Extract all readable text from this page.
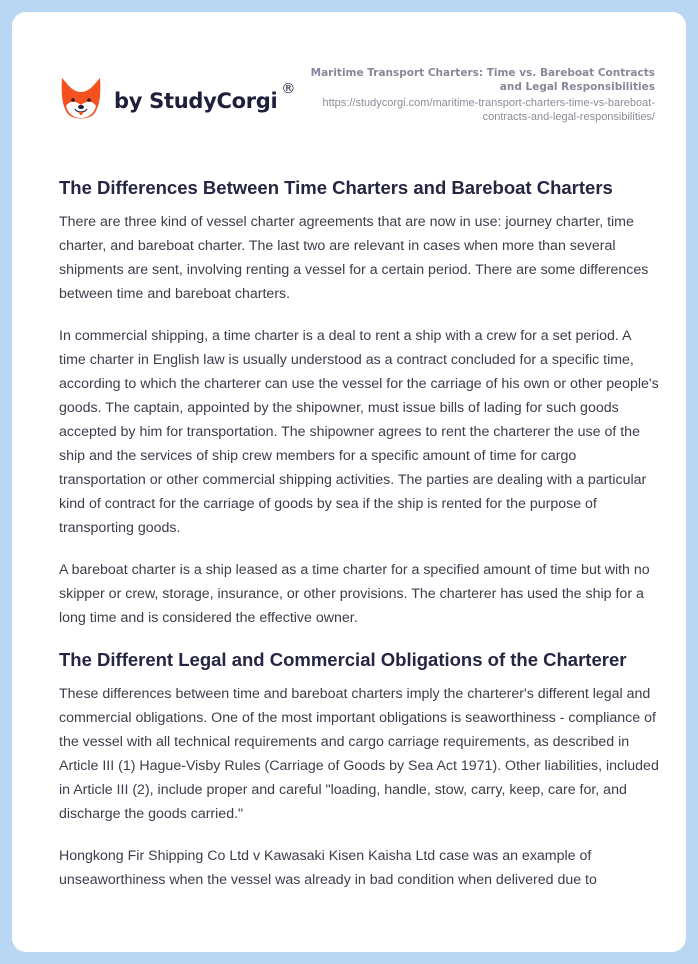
by StudyCorgi ®
Maritime Transport Charters: Time vs. Bareboat Contracts and Legal Responsibilities
https://studycorgi.com/maritime-transport-charters-time-vs-bareboat-contracts-and-legal-responsibilities/
The Differences Between Time Charters and Bareboat Charters

There are three kind of vessel charter agreements that are now in use: journey charter, time charter, and bareboat charter. The last two are relevant in cases when more than several shipments are sent, involving renting a vessel for a certain period. There are some differences between time and bareboat charters.

In commercial shipping, a time charter is a deal to rent a ship with a crew for a set period. A time charter in English law is usually understood as a contract concluded for a specific time, according to which the charterer can use the vessel for the carriage of his own or other people's goods. The captain, appointed by the shipowner, must issue bills of lading for such goods accepted by him for transportation. The shipowner agrees to rent the charterer the use of the ship and the services of ship crew members for a specific amount of time for cargo transportation or other commercial shipping activities. The parties are dealing with a particular kind of contract for the carriage of goods by sea if the ship is rented for the purpose of transporting goods.

A bareboat charter is a ship leased as a time charter for a specified amount of time but with no skipper or crew, storage, insurance, or other provisions. The charterer has used the ship for a long time and is considered the effective owner.

The Different Legal and Commercial Obligations of the Charterer

These differences between time and bareboat charters imply the charterer's different legal and commercial obligations. One of the most important obligations is seaworthiness - compliance of the vessel with all technical requirements and cargo carriage requirements, as described in Article III (1) Hague-Visby Rules (Carriage of Goods by Sea Act 1971). Other liabilities, included in Article III (2), include proper and careful "loading, handle, stow, carry, keep, care for, and discharge the goods carried."

Hongkong Fir Shipping Co Ltd v Kawasaki Kisen Kaisha Ltd case was an example of unseaworthiness when the vessel was already in bad condition when delivered due to
